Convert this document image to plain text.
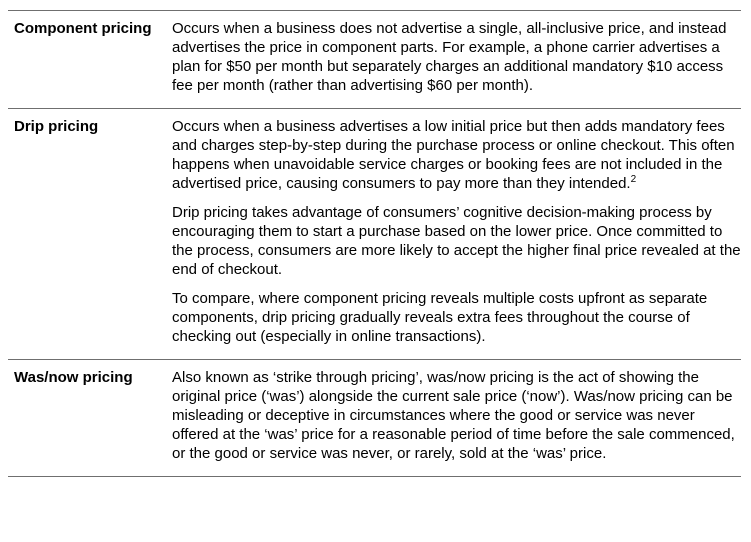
Component pricing	Occurs when a business does not advertise a single, all-inclusive price, and instead advertises the price in component parts. For example, a phone carrier advertises a plan for $50 per month but separately charges an additional mandatory $10 access fee per month (rather than advertising $60 per month).

Drip pricing	Occurs when a business advertises a low initial price but then adds mandatory fees and charges step-by-step during the purchase process or online checkout. This often happens when unavoidable service charges or booking fees are not included in the advertised price, causing consumers to pay more than they intended.$^2$

Drip pricing takes advantage of consumers’ cognitive decision-making process by encouraging them to start a purchase based on the lower price. Once committed to the process, consumers are more likely to accept the higher final price revealed at the end of checkout.

To compare, where component pricing reveals multiple costs upfront as separate components, drip pricing gradually reveals extra fees throughout the course of checking out (especially in online transactions).

Was/now pricing	Also known as ‘strike through pricing’, was/now pricing is the act of showing the original price (‘was’) alongside the current sale price (‘now’). Was/now pricing can be misleading or deceptive in circumstances where the good or service was never offered at the ‘was’ price for a reasonable period of time before the sale commenced, or the good or service was never, or rarely, sold at the ‘was’ price.
